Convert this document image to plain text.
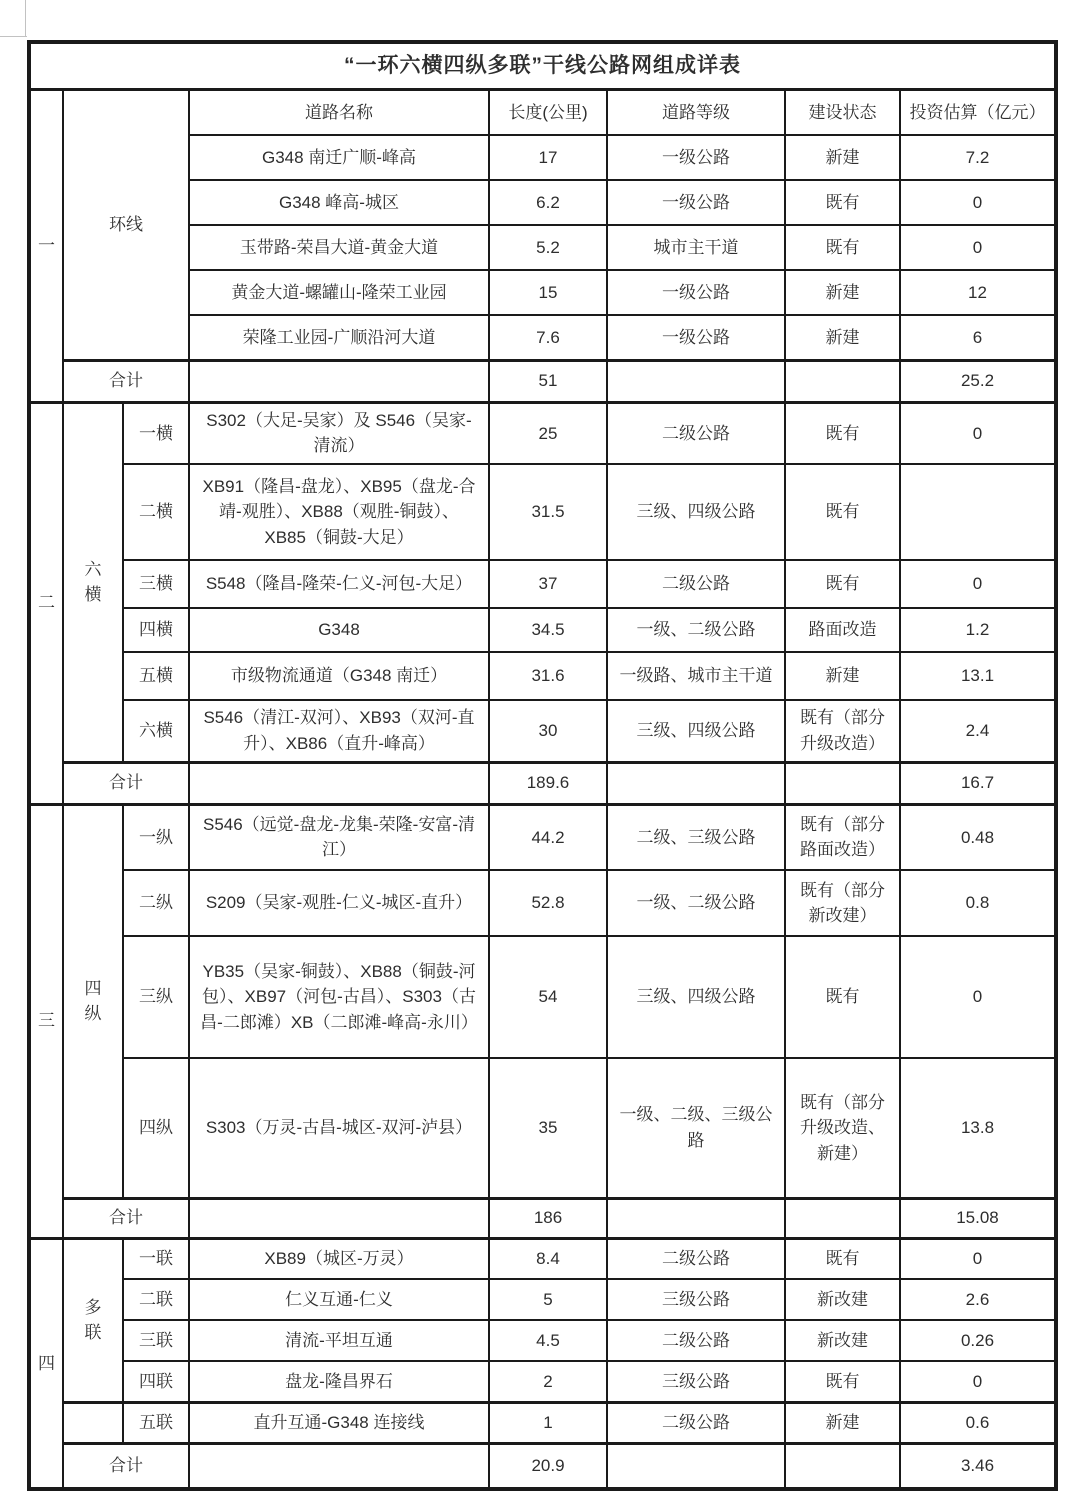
“一环六横四纵多联”干线公路网组成详表							
一	环线		道路名称	长度(公里)	道路等级	建设状态	投资估算（亿元）
			G348 南迁广顺-峰高	17	一级公路	新建	7.2
			G348 峰高-城区	6.2	一级公路	既有	0
			玉带路-荣昌大道-黄金大道	5.2	城市主干道	既有	0
			黄金大道-螺罐山-隆荣工业园	15	一级公路	新建	12
			荣隆工业园-广顺沿河大道	7.6	一级公路	新建	6
	合计			51			25.2
二	六横	一横	S302（大足-吴家）及 S546（吴家-清流）	25	二级公路	既有	0
		二横	XB91（隆昌-盘龙）、XB95（盘龙-合靖-观胜）、XB88（观胜-铜鼓）、XB85（铜鼓-大足）	31.5	三级、四级公路	既有	
		三横	S548（隆昌-隆荣-仁义-河包-大足）	37	二级公路	既有	0
		四横	G348	34.5	一级、二级公路	路面改造	1.2
		五横	市级物流通道（G348 南迁）	31.6	一级路、城市主干道	新建	13.1
		六横	S546（清江-双河）、XB93（双河-直升）、XB86（直升-峰高）	30	三级、四级公路	既有（部分升级改造）	2.4
	合计			189.6			16.7
三	四纵	一纵	S546（远觉-盘龙-龙集-荣隆-安富-清江）	44.2	二级、三级公路	既有（部分路面改造）	0.48
		二纵	S209（吴家-观胜-仁义-城区-直升）	52.8	一级、二级公路	既有（部分新改建）	0.8
		三纵	YB35（吴家-铜鼓）、XB88（铜鼓-河包）、XB97（河包-古昌）、S303（古昌-二郎滩）XB（二郎滩-峰高-永川）	54	三级、四级公路	既有	0
		四纵	S303（万灵-古昌-城区-双河-泸县）	35	一级、二级、三级公路	既有（部分升级改造、新建）	13.8
	合计			186			15.08
四	多联	一联	XB89（城区-万灵）	8.4	二级公路	既有	0
		二联	仁义互通-仁义	5	三级公路	新改建	2.6
		三联	清流-平坦互通	4.5	二级公路	新改建	0.26
		四联	盘龙-隆昌界石	2	三级公路	既有	0
		五联	直升互通-G348 连接线	1	二级公路	新建	0.6
	合计			20.9			3.46
